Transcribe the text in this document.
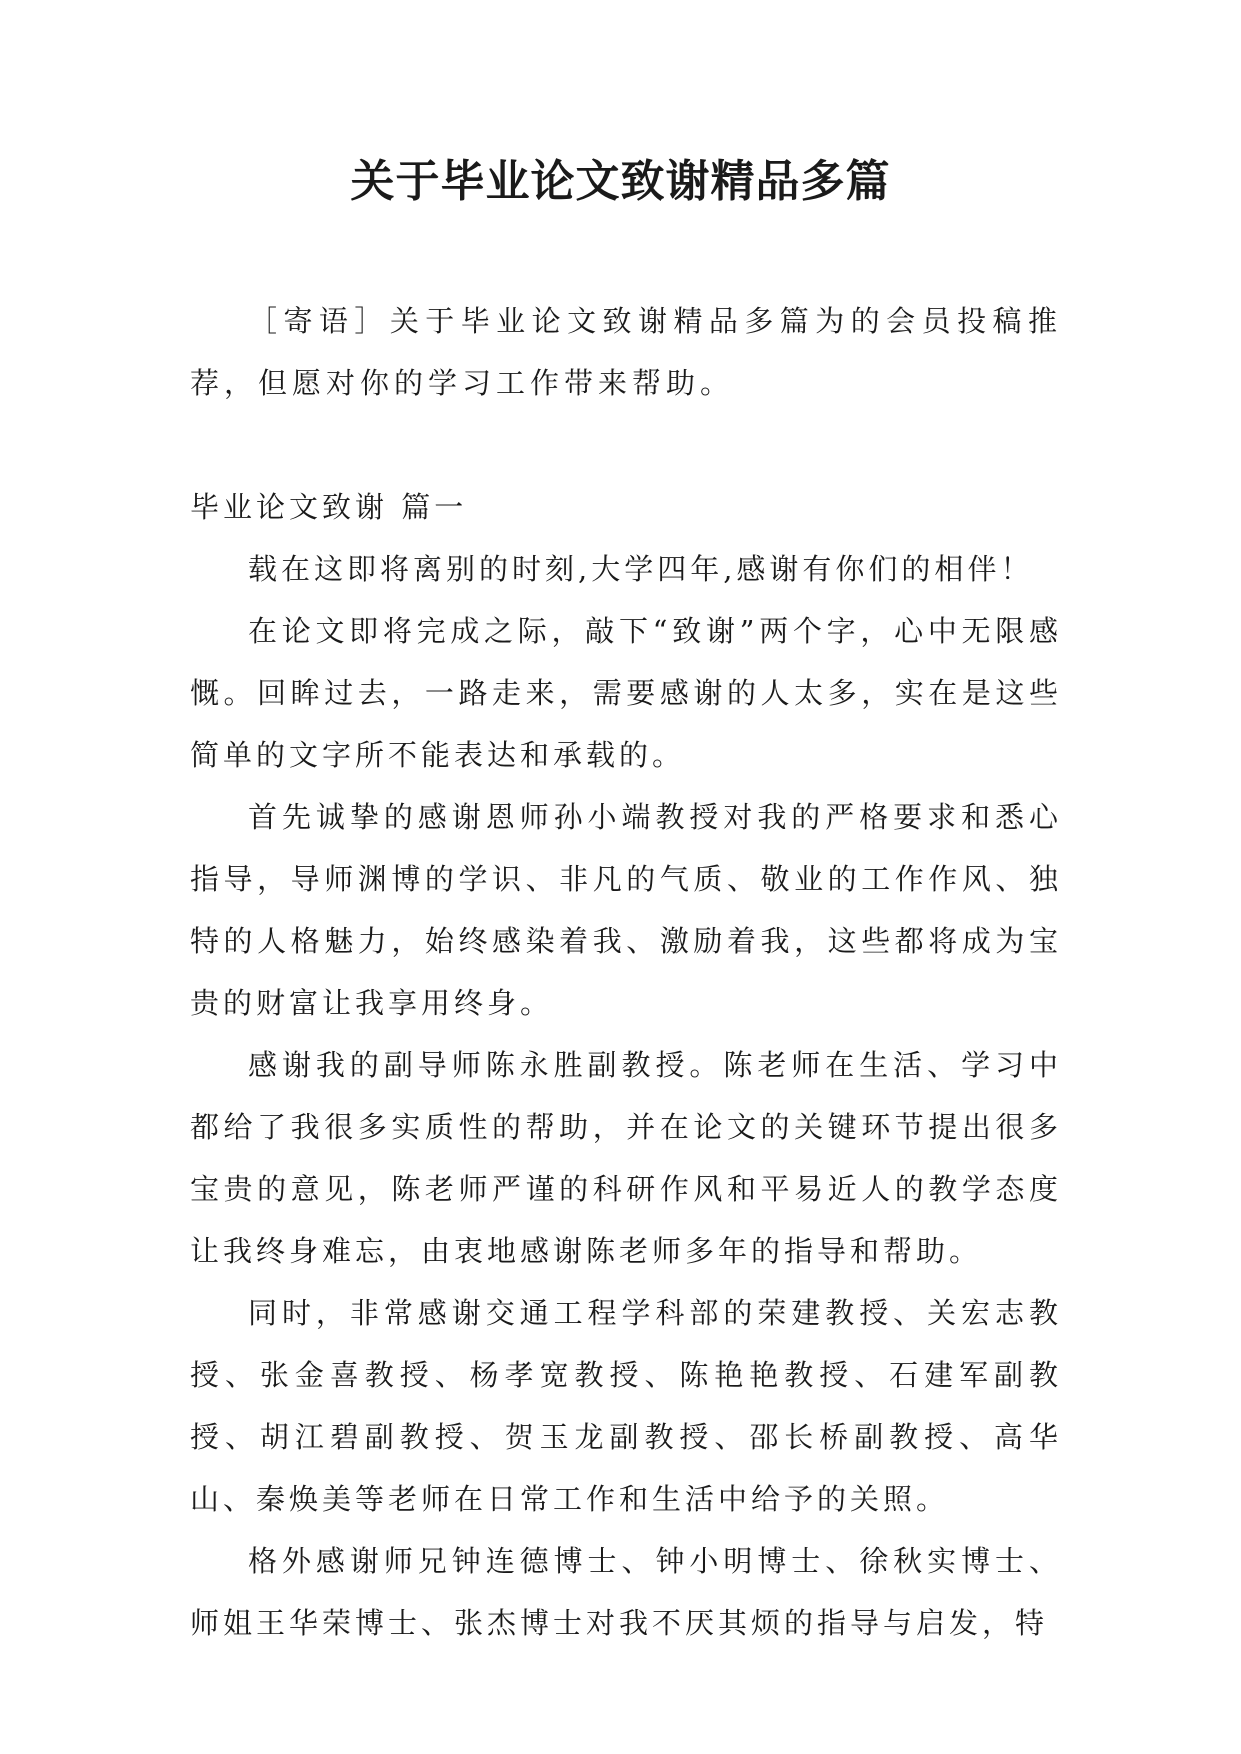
关于毕业论文致谢精品多篇

［寄语］关于毕业论文致谢精品多篇为的会员投稿推荐，但愿对你的学习工作带来帮助。

毕业论文致谢 篇一

载在这即将离别的时刻,大学四年,感谢有你们的相伴！

在论文即将完成之际，敲下“致谢”两个字，心中无限感慨。回眸过去，一路走来，需要感谢的人太多，实在是这些简单的文字所不能表达和承载的。

首先诚挚的感谢恩师孙小端教授对我的严格要求和悉心指导，导师渊博的学识、非凡的气质、敬业的工作作风、独特的人格魅力，始终感染着我、激励着我，这些都将成为宝贵的财富让我享用终身。

感谢我的副导师陈永胜副教授。陈老师在生活、学习中都给了我很多实质性的帮助，并在论文的关键环节提出很多宝贵的意见，陈老师严谨的科研作风和平易近人的教学态度让我终身难忘，由衷地感谢陈老师多年的指导和帮助。

同时，非常感谢交通工程学科部的荣建教授、关宏志教授、张金喜教授、杨孝宽教授、陈艳艳教授、石建军副教授、胡江碧副教授、贺玉龙副教授、邵长桥副教授、高华山、秦焕美等老师在日常工作和生活中给予的关照。

格外感谢师兄钟连德博士、钟小明博士、徐秋实博士、师姐王华荣博士、张杰博士对我不厌其烦的指导与启发，特
